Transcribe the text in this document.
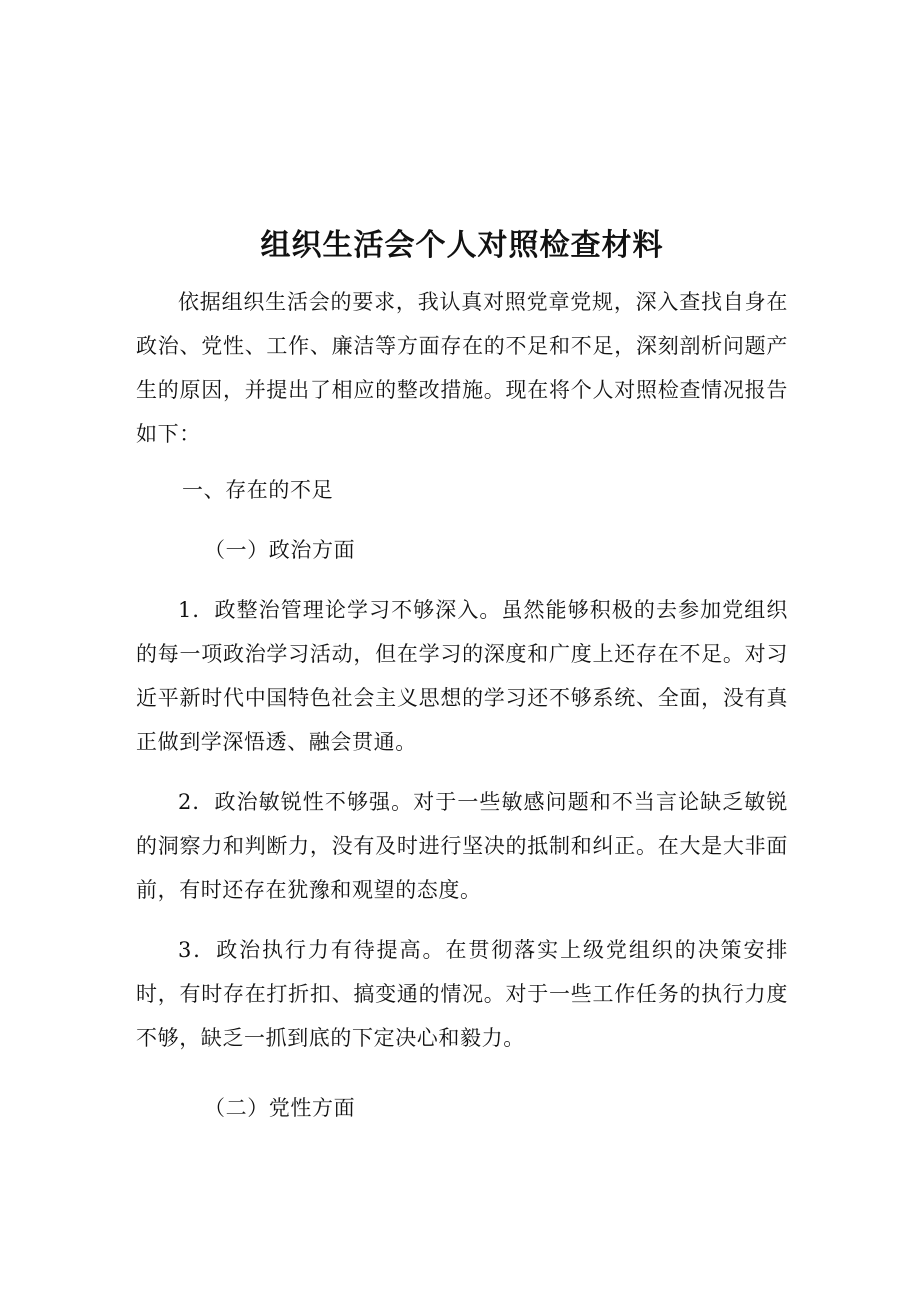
组织生活会个人对照检查材料

依据组织生活会的要求，我认真对照党章党规，深入查找自身在政治、党性、工作、廉洁等方面存在的不足和不足，深刻剖析问题产生的原因，并提出了相应的整改措施。现在将个人对照检查情况报告如下：

一、存在的不足
（一）政治方面

1．政整治管理论学习不够深入。虽然能够积极的去参加党组织的每一项政治学习活动，但在学习的深度和广度上还存在不足。对习近平新时代中国特色社会主义思想的学习还不够系统、全面，没有真正做到学深悟透、融会贯通。

2．政治敏锐性不够强。对于一些敏感问题和不当言论缺乏敏锐的洞察力和判断力，没有及时进行坚决的抵制和纠正。在大是大非面前，有时还存在犹豫和观望的态度。

3．政治执行力有待提高。在贯彻落实上级党组织的决策安排时，有时存在打折扣、搞变通的情况。对于一些工作任务的执行力度不够，缺乏一抓到底的下定决心和毅力。

（二）党性方面
